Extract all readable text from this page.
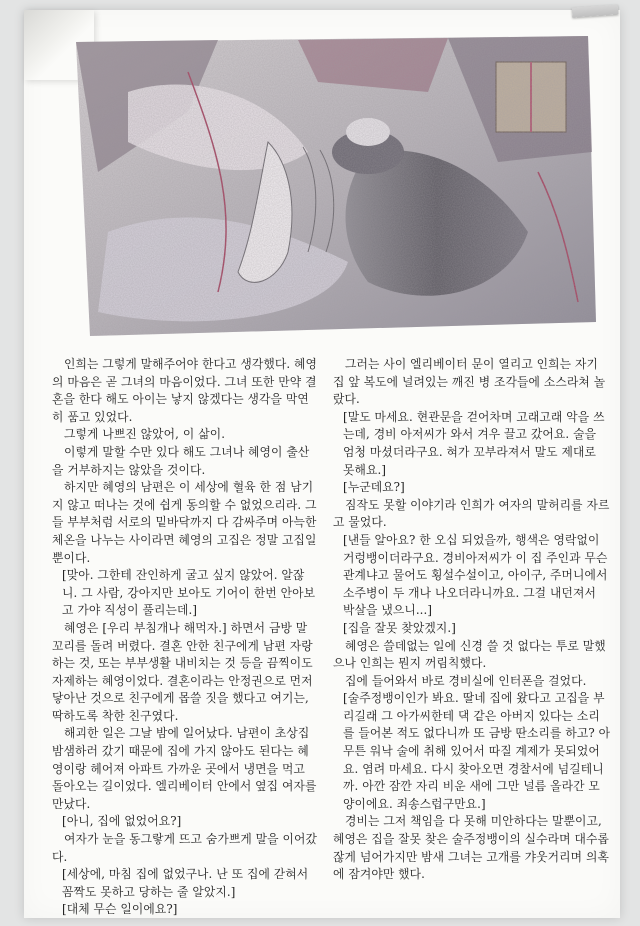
인희는 그렇게 말해주어야 한다고 생각했다. 혜영의 마음은 곧 그녀의 마음이었다. 그녀 또한 만약 결혼을 한다 해도 아이는 낳지 않겠다는 생각을 막연히 품고 있었다.

그렇게 나쁘진 않았어, 이 삶이.

이렇게 말할 수만 있다 해도 그녀나 혜영이 출산을 거부하지는 않았을 것이다.

하지만 혜영의 남편은 이 세상에 혈육 한 점 남기지 않고 떠나는 것에 쉽게 동의할 수 없었으리라. 그들 부부처럼 서로의 밑바닥까지 다 감싸주며 아늑한 체온을 나누는 사이라면 혜영의 고집은 정말 고집일 뿐이다.

[맞아. 그한테 잔인하게 굴고 싶지 않았어. 알잖니. 그 사람, 강아지만 보아도 기어이 한번 안아보고 가야 직성이 풀리는데.]

혜영은 [우리 부침개나 해먹자.] 하면서 금방 말꼬리를 돌려 버렸다. 결혼 안한 친구에게 남편 자랑하는 것, 또는 부부생활 내비치는 것 등을 끔찍이도 자제하는 혜영이었다. 결혼이라는 안정권으로 먼저 닿아난 것으로 친구에게 몹쓸 짓을 했다고 여기는, 딱하도록 착한 친구였다.

해괴한 일은 그날 밤에 일어났다. 남편이 초상집 밤샘하러 갔기 때문에 집에 가지 않아도 된다는 혜영이랑 헤어져 아파트 가까운 곳에서 냉면을 먹고 돌아오는 길이었다. 엘리베이터 안에서 옆집 여자를 만났다.

[아니, 집에 없었어요?]

여자가 눈을 동그랗게 뜨고 숨가쁘게 말을 이어갔다.

[세상에, 마침 집에 없었구나. 난 또 집에 갇혀서 꼼짝도 못하고 당하는 줄 알았지.]

[대체 무슨 일이에요?]

그러는 사이 엘리베이터 문이 열리고 인희는 자기 집 앞 복도에 널려있는 깨진 병 조각들에 소스라쳐 놀랐다.

[말도 마세요. 현관문을 걷어차며 고래고래 악을 쓰는데, 경비 아저씨가 와서 겨우 끌고 갔어요. 술을 엄청 마셨더라구요. 혀가 꼬부라져서 말도 제대로 못해요.]

[누군데요?]

짐작도 못할 이야기라 인희가 여자의 말허리를 자르고 물었다.

[낸들 알아요? 한 오십 되었을까, 행색은 영락없이 거렁뱅이더라구요. 경비아저씨가 이 집 주인과 무슨 관계냐고 물어도 횡설수설이고, 아이구, 주머니에서 소주병이 두 개나 나오더라니까요. 그걸 내던져서 박살을 냈으니...]

[집을 잘못 찾았겠지.]

혜영은 쓸데없는 일에 신경 쓸 것 없다는 투로 말했으나 인희는 뭔지 꺼림칙했다.

집에 들어와서 바로 경비실에 인터폰을 걸었다.

[술주정뱅이인가 봐요. 딸네 집에 왔다고 고집을 부리길래 그 아가씨한테 댁 같은 아버지 있다는 소리를 들어본 적도 없다니까 또 금방 딴소리를 하고? 아무튼 워낙 술에 취해 있어서 따질 계제가 못되었어요. 염려 마세요. 다시 찾아오면 경찰서에 넘길테니까. 아깐 잠깐 자리 비운 새에 그만 널름 올라간 모양이에요. 죄송스럽구만요.]

경비는 그저 책임을 다 못해 미안하다는 말뿐이고, 혜영은 집을 잘못 찾은 술주정뱅이의 실수라며 대수롭잖게 넘어가지만 밤새 그녀는 고개를 갸웃거리며 의혹에 잠겨야만 했다.
